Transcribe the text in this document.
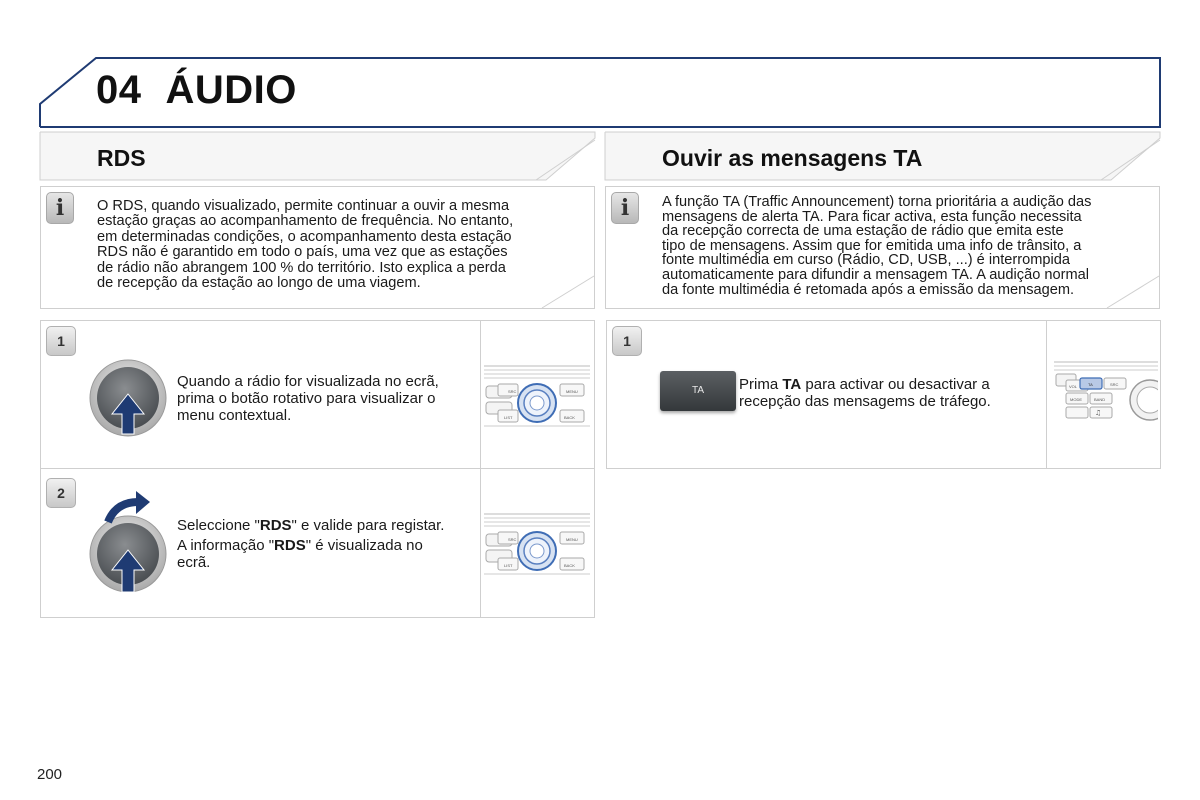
04 ÁUDIO
RDS	Ouvir as mensagens TA
i	O RDS, quando visualizado, permite continuar a ouvir a mesma
estação graças ao acompanhamento de frequência. No entanto,
em determinadas condições, o acompanhamento desta estação
RDS não é garantido em todo o país, uma vez que as estações
de rádio não abrangem 100 % do território. Isto explica a perda
de recepção da estação ao longo de uma viagem.
i	A função TA (Traffic Announcement) torna prioritária a audição das
mensagens de alerta TA. Para ficar activa, esta função necessita
da recepção correcta de uma estação de rádio que emita este
tipo de mensagens. Assim que for emitida uma info de trânsito, a
fonte multimédia em curso (Rádio, CD, USB, ...) é interrompida
automaticamente para difundir a mensagem TA. A audição normal
da fonte multimédia é retomada após a emissão da mensagem.
1
Quando a rádio for visualizada no ecrã,
prima o botão rotativo para visualizar o
menu contextual.
SRC	MENU
LIST	BACK
2
Seleccione "RDS" e valide para registar.
A informação "RDS" é visualizada no
ecrã.
SRC	MENU
LIST	BACK
1
TA	Prima TA para activar ou desactivar a
recepção das mensagems de tráfego.
VOL	TA	SRC
MODE	BAND
♫
200
